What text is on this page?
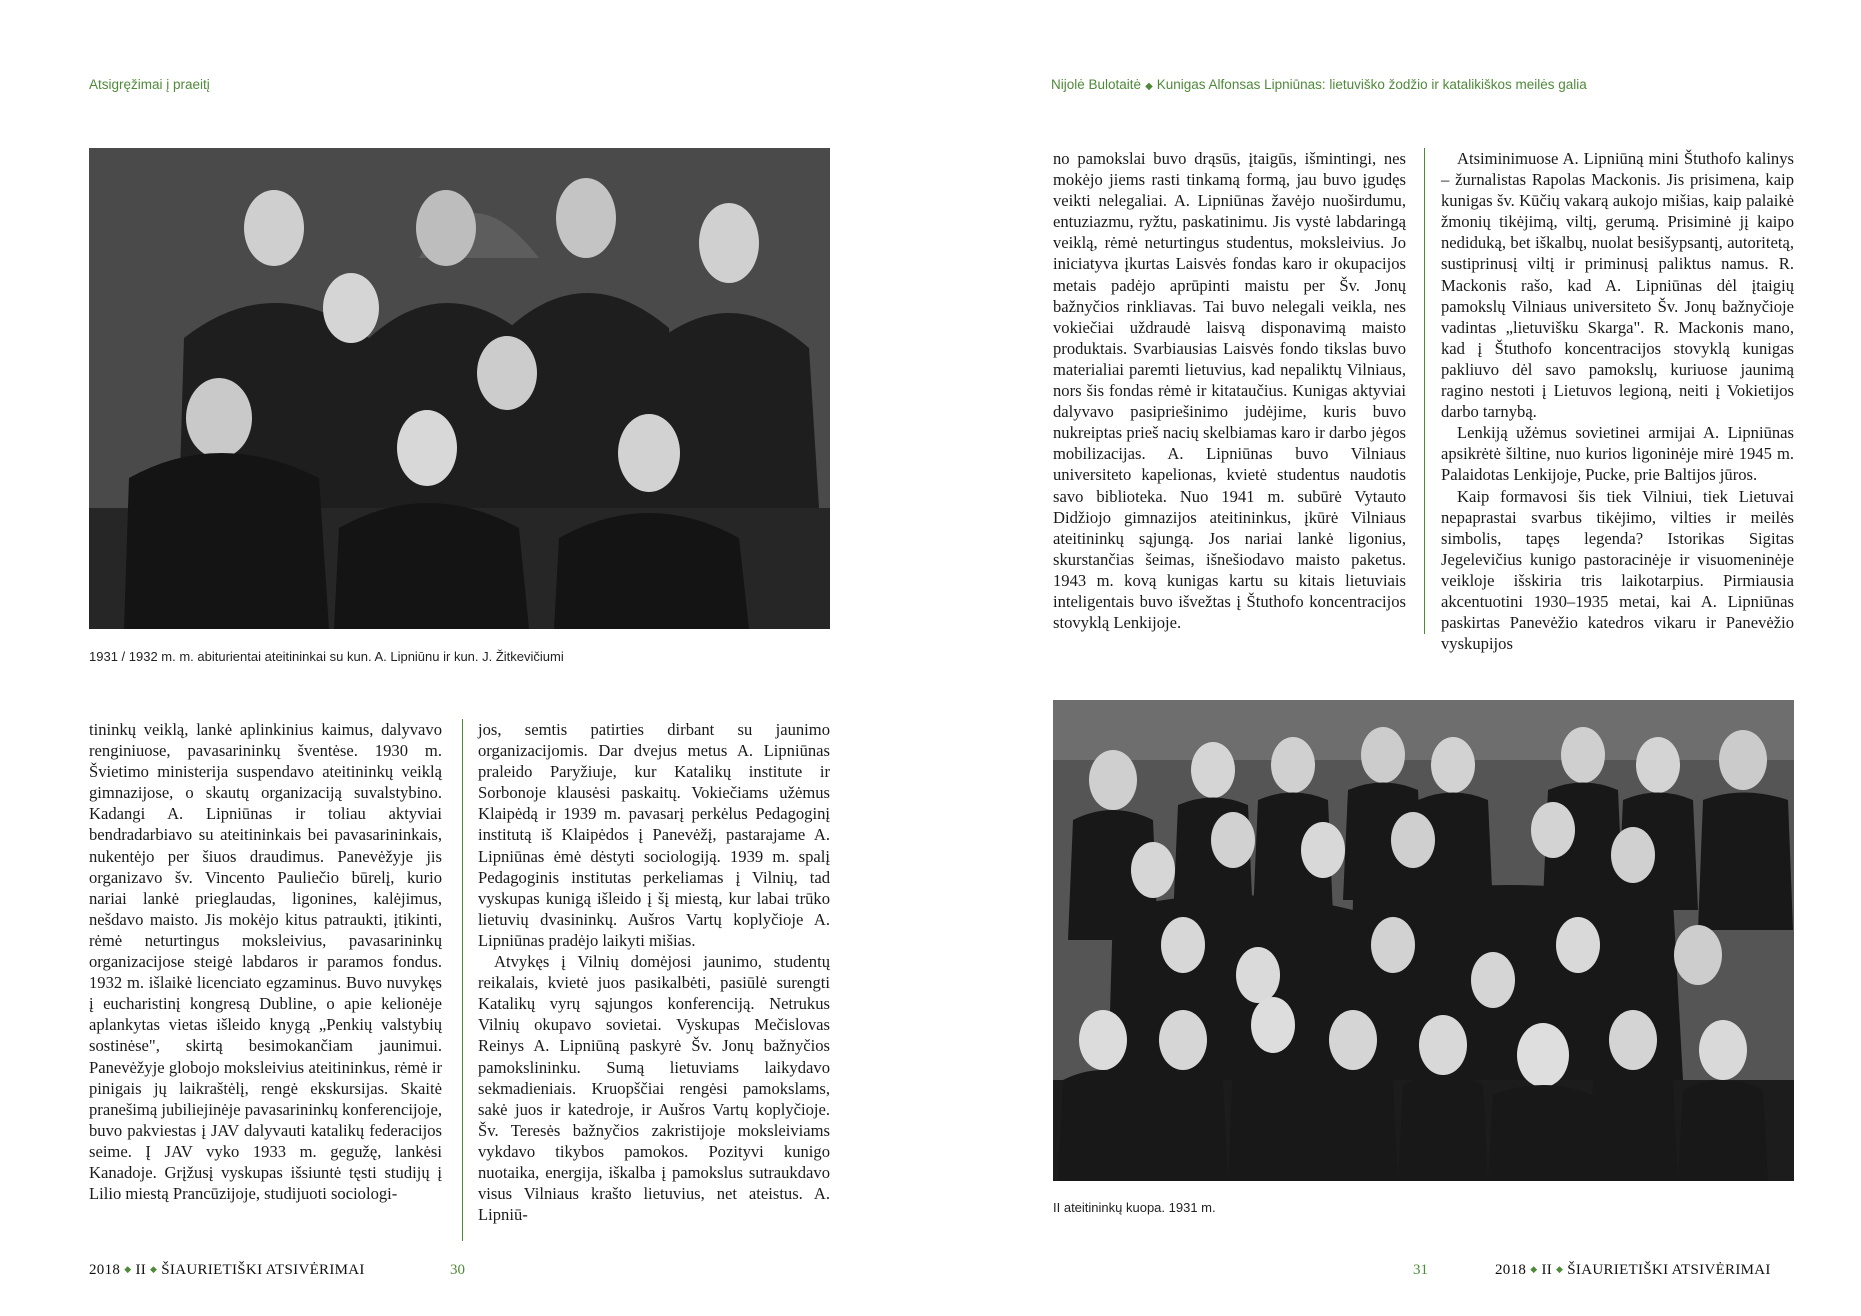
Atsigręžimai į praeitį
1931 / 1932 m. m. abiturientai ateitininkai su kun. A. Lipniūnu ir kun. J. Žitkevičiumi

tininkų veiklą, lankė aplinkinius kaimus, dalyvavo renginiuose, pavasarininkų šventėse. 1930 m. Švietimo ministerija suspendavo ateitininkų veiklą gimnazijose, o skautų organizaciją suvalstybino. Kadangi A. Lipniūnas ir toliau aktyviai bendradarbiavo su ateitininkais bei pavasarininkais, nukentėjo per šiuos draudimus. Panevėžyje jis organizavo šv. Vincento Pauliečio būrelį, kurio nariai lankė prieglaudas, ligonines, kalėjimus, nešdavo maisto. Jis mokėjo kitus patraukti, įtikinti, rėmė neturtingus moksleivius, pavasarininkų organizacijose steigė labdaros ir paramos fondus. 1932 m. išlaikė licenciato egzaminus. Buvo nuvykęs į eucharistinį kongresą Dubline, o apie kelionėje aplankytas vietas išleido knygą „Penkių valstybių sostinėse", skirtą besimokančiam jaunimui. Panevėžyje globojo moksleivius ateitininkus, rėmė ir pinigais jų laikraštėlį, rengė ekskursijas. Skaitė pranešimą jubiliejinėje pavasarininkų konferencijoje, buvo pakviestas į JAV dalyvauti katalikų federacijos seime. Į JAV vyko 1933 m. gegužę, lankėsi Kanadoje. Grįžusį vyskupas išsiuntė tęsti studijų į Lilio miestą Prancūzijoje, studijuoti sociologi-

jos, semtis patirties dirbant su jaunimo organizacijomis. Dar dvejus metus A. Lipniūnas praleido Paryžiuje, kur Katalikų institute ir Sorbonoje klausėsi paskaitų. Vokiečiams užėmus Klaipėdą ir 1939 m. pavasarį perkėlus Pedagoginį institutą iš Klaipėdos į Panevėžį, pastarajame A. Lipniūnas ėmė dėstyti sociologiją. 1939 m. spalį Pedagoginis institutas perkeliamas į Vilnių, tad vyskupas kunigą išleido į šį miestą, kur labai trūko lietuvių dvasininkų. Aušros Vartų koplyčioje A. Lipniūnas pradėjo laikyti mišias.

Atvykęs į Vilnių domėjosi jaunimo, studentų reikalais, kvietė juos pasikalbėti, pasiūlė surengti Katalikų vyrų sąjungos konferenciją. Netrukus Vilnių okupavo sovietai. Vyskupas Mečislovas Reinys A. Lipniūną paskyrė Šv. Jonų bažnyčios pamokslininku. Sumą lietuviams laikydavo sekmadieniais. Kruopščiai rengėsi pamokslams, sakė juos ir katedroje, ir Aušros Vartų koplyčioje. Šv. Teresės bažnyčios zakristijoje moksleiviams vykdavo tikybos pamokos. Pozityvi kunigo nuotaika, energija, iškalba į pamokslus sutraukdavo visus Vilniaus krašto lietuvius, net ateistus. A. Lipniū-

2018 ◆ II ◆ ŠIAURIETIŠKI ATSIVĖRIMAI	30
Nijolė Bulotaitė ◆ Kunigas Alfonsas Lipniūnas: lietuviško žodžio ir katalikiškos meilės galia

no pamokslai buvo drąsūs, įtaigūs, išmintingi, nes mokėjo jiems rasti tinkamą formą, jau buvo įgudęs veikti nelegaliai. A. Lipniūnas žavėjo nuoširdumu, entuziazmu, ryžtu, paskatinimu. Jis vystė labdaringą veiklą, rėmė neturtingus studentus, moksleivius. Jo iniciatyva įkurtas Laisvės fondas karo ir okupacijos metais padėjo aprūpinti maistu per Šv. Jonų bažnyčios rinkliavas. Tai buvo nelegali veikla, nes vokiečiai uždraudė laisvą disponavimą maisto produktais. Svarbiausias Laisvės fondo tikslas buvo materialiai paremti lietuvius, kad nepaliktų Vilniaus, nors šis fondas rėmė ir kitataučius. Kunigas aktyviai dalyvavo pasipriešinimo judėjime, kuris buvo nukreiptas prieš nacių skelbiamas karo ir darbo jėgos mobilizacijas. A. Lipniūnas buvo Vilniaus universiteto kapelionas, kvietė studentus naudotis savo biblioteka. Nuo 1941 m. subūrė Vytauto Didžiojo gimnazijos ateitininkus, įkūrė Vilniaus ateitininkų sąjungą. Jos nariai lankė ligonius, skurstančias šeimas, išnešiodavo maisto paketus. 1943 m. kovą kunigas kartu su kitais lietuviais inteligentais buvo išvežtas į Štuthofo koncentracijos stovyklą Lenkijoje.

Atsiminimuose A. Lipniūną mini Štuthofo kalinys – žurnalistas Rapolas Mackonis. Jis prisimena, kaip kunigas šv. Kūčių vakarą aukojo mišias, kaip palaikė žmonių tikėjimą, viltį, gerumą. Prisiminė jį kaipo nediduką, bet iškalbų, nuolat besišypsantį, autoritetą, sustiprinusį viltį ir priminusį paliktus namus. R. Mackonis rašo, kad A. Lipniūnas dėl įtaigių pamokslų Vilniaus universiteto Šv. Jonų bažnyčioje vadintas „lietuvišku Skarga". R. Mackonis mano, kad į Štuthofo koncentracijos stovyklą kunigas pakliuvo dėl savo pamokslų, kuriuose jaunimą ragino nestoti į Lietuvos legioną, neiti į Vokietijos darbo tarnybą.

Lenkiją užėmus sovietinei armijai A. Lipniūnas apsikrėtė šiltine, nuo kurios ligoninėje mirė 1945 m. Palaidotas Lenkijoje, Pucke, prie Baltijos jūros.

Kaip formavosi šis tiek Vilniui, tiek Lietuvai nepaprastai svarbus tikėjimo, vilties ir meilės simbolis, tapęs legenda? Istorikas Sigitas Jegelevičius kunigo pastoracinėje ir visuomeninėje veikloje išskiria tris laikotarpius. Pirmiausia akcentuotini 1930–1935 metai, kai A. Lipniūnas paskirtas Panevėžio katedros vikaru ir Panevėžio vyskupijos

II ateitininkų kuopa. 1931 m.
31	2018 ◆ II ◆ ŠIAURIETIŠKI ATSIVĖRIMAI
